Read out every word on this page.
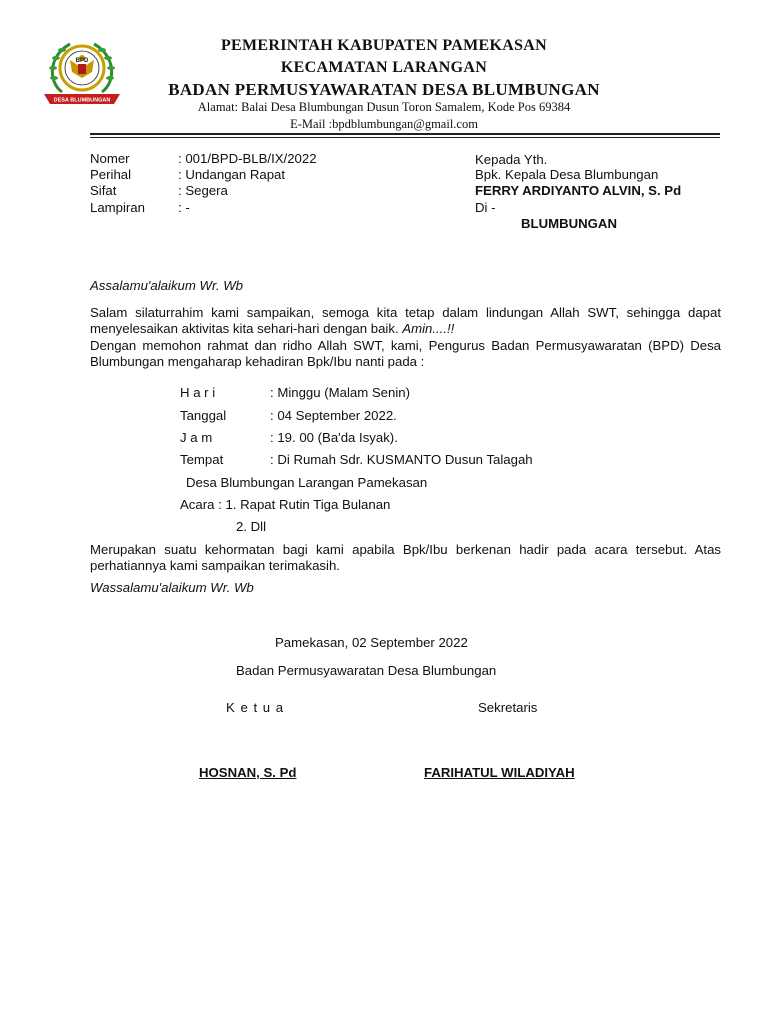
BPD
DESA BLUMBUNGAN
PEMERINTAH KABUPATEN PAMEKASAN
KECAMATAN LARANGAN
BADAN PERMUSYAWARATAN DESA BLUMBUNGAN
Alamat: Balai Desa Blumbungan Dusun Toron Samalem, Kode Pos 69384
E-Mail :bpdblumbungan@gmail.com
Nomer	: 001/BPD-BLB/IX/2022
Perihal	: Undangan Rapat
Sifat	: Segera
Lampiran	: -
Kepada Yth.
Bpk. Kepala Desa Blumbungan
FERRY ARDIYANTO ALVIN, S. Pd
Di -
BLUMBUNGAN
Assalamu'alaikum Wr. Wb
Salam silaturrahim kami sampaikan, semoga kita tetap dalam lindungan Allah SWT, sehingga dapat menyelesaikan aktivitas kita sehari-hari dengan baik. Amin....!!
Dengan memohon rahmat dan ridho Allah SWT, kami, Pengurus Badan Permusyawaratan (BPD) Desa Blumbungan mengaharap kehadiran Bpk/Ibu nanti pada :
H a r i	: Minggu (Malam Senin)
Tanggal	: 04 September 2022.
J a m	: 19. 00 (Ba'da Isyak).
Tempat	: Di Rumah Sdr. KUSMANTO Dusun Talagah
Desa Blumbungan Larangan Pamekasan
Acara : 1. Rapat Rutin Tiga Bulanan
2. Dll
Merupakan suatu kehormatan bagi kami apabila Bpk/Ibu berkenan hadir pada acara tersebut. Atas perhatiannya kami sampaikan terimakasih.
Wassalamu'alaikum Wr. Wb
Pamekasan, 02 September 2022
Badan Permusyawaratan Desa Blumbungan
K e t u a	Sekretaris
HOSNAN, S. Pd	FARIHATUL WILADIYAH
